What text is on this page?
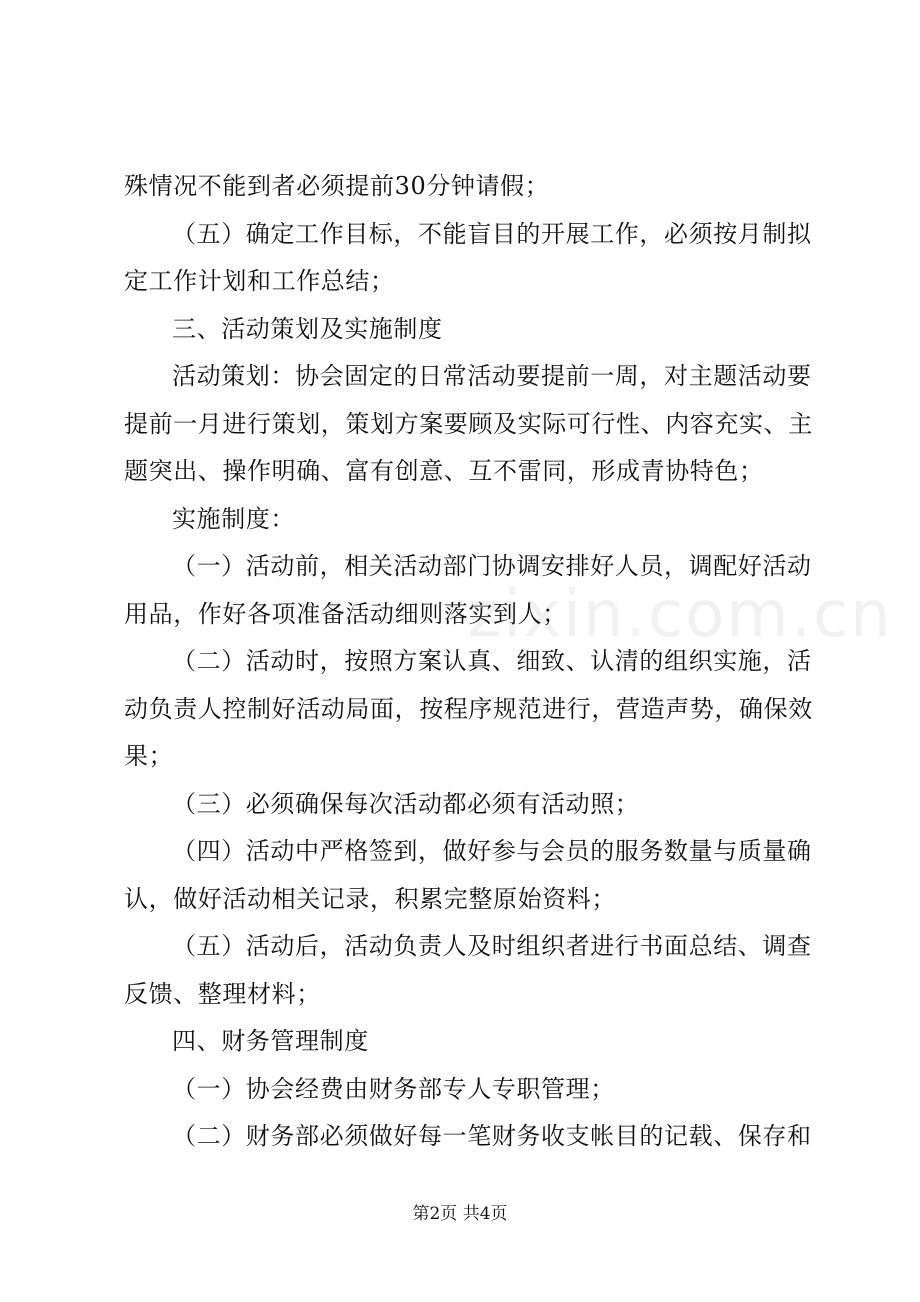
zixin.com.cn

殊情况不能到者必须提前30分钟请假；

（五）确定工作目标，不能盲目的开展工作，必须按月制拟

定工作计划和工作总结；

三、活动策划及实施制度

活动策划：协会固定的日常活动要提前一周，对主题活动要

提前一月进行策划，策划方案要顾及实际可行性、内容充实、主

题突出、操作明确、富有创意、互不雷同，形成青协特色；

实施制度：

（一）活动前，相关活动部门协调安排好人员，调配好活动

用品，作好各项准备活动细则落实到人；

（二）活动时，按照方案认真、细致、认清的组织实施，活

动负责人控制好活动局面，按程序规范进行，营造声势，确保效

果；

（三）必须确保每次活动都必须有活动照；

（四）活动中严格签到，做好参与会员的服务数量与质量确

认，做好活动相关记录，积累完整原始资料；

（五）活动后，活动负责人及时组织者进行书面总结、调查

反馈、整理材料；

四、财务管理制度

（一）协会经费由财务部专人专职管理；

（二）财务部必须做好每一笔财务收支帐目的记载、保存和

第2页 共4页
